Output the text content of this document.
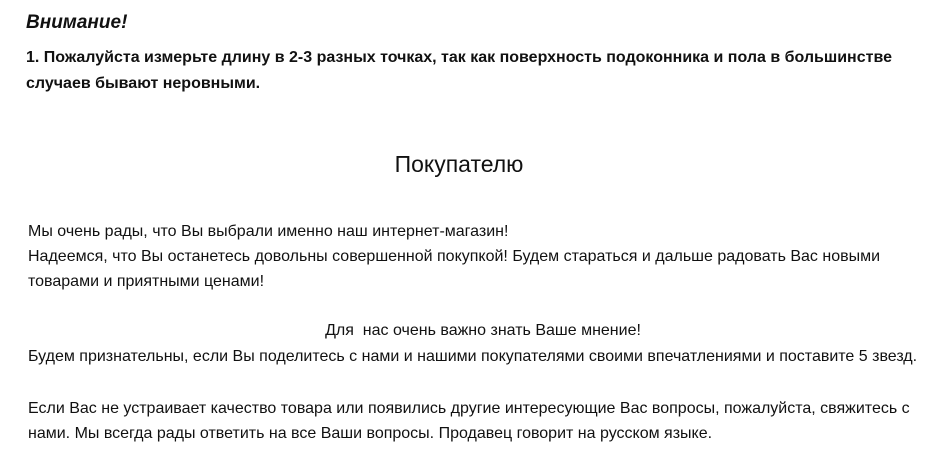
Внимание!

1. Пожалуйста измерьте длину в 2-3 разных точках, так как поверхность подоконника и пола в большинстве случаев бывают неровными.

Покупателю

Мы очень рады, что Вы выбрали именно наш интернет-магазин!

Надеемся, что Вы останетесь довольны совершенной покупкой! Будем стараться и дальше радовать Вас новыми товарами и приятными ценами!

Для  нас очень важно знать Ваше мнение!

Будем признательны, если Вы поделитесь с нами и нашими покупателями своими впечатлениями и поставите 5 звезд.

Если Вас не устраивает качество товара или появились другие интересующие Вас вопросы, пожалуйста, свяжитесь с нами. Мы всегда рады ответить на все Ваши вопросы. Продавец говорит на русском языке.
